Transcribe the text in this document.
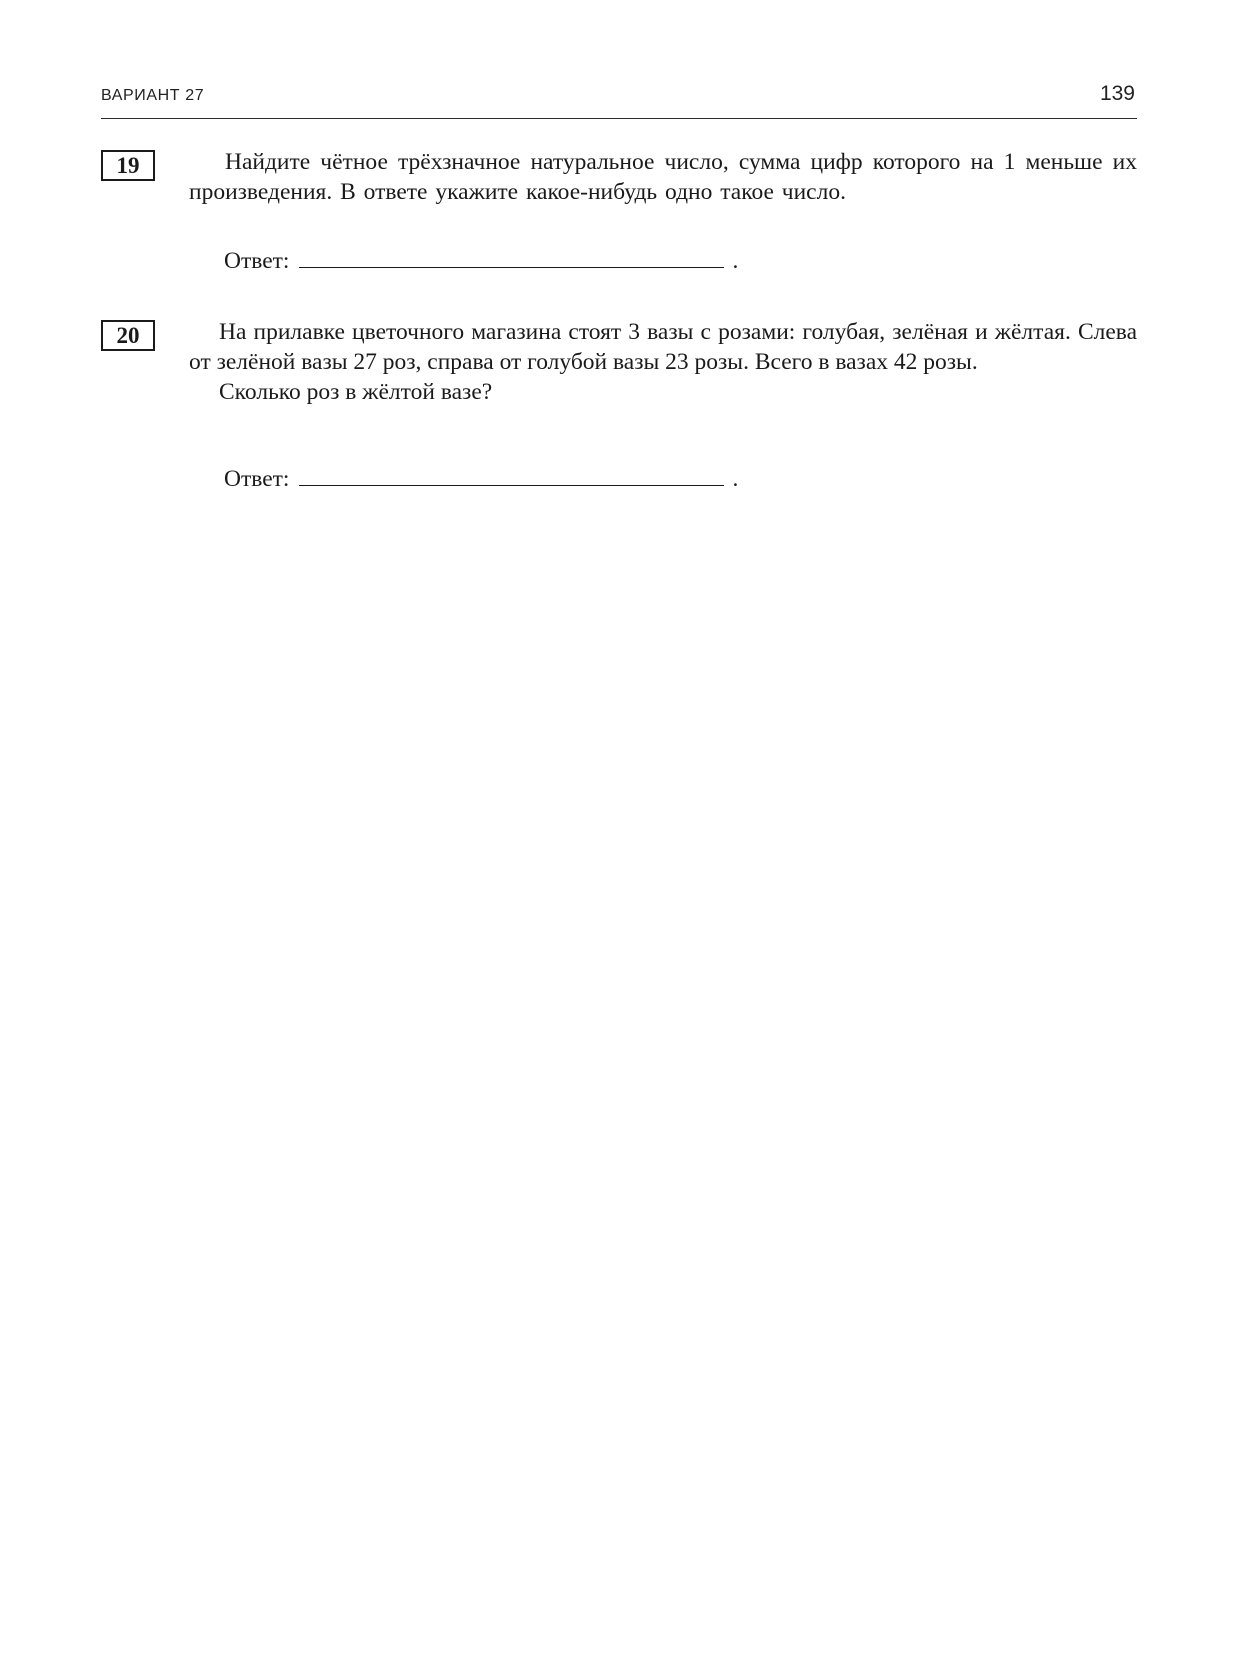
ВАРИАНТ 27	139
19	Найдите чётное трёхзначное натуральное число, сумма цифр которого на 1 меньше их произведения. В ответе укажите какое-нибудь одно такое число.

Ответ:	.
20	На прилавке цветочного магазина стоят 3 вазы с розами: голубая, зелёная и жёлтая. Слева от зелёной вазы 27 роз, справа от голубой вазы 23 розы. Всего в вазах 42 розы.

Сколько роз в жёлтой вазе?

Ответ:	.
